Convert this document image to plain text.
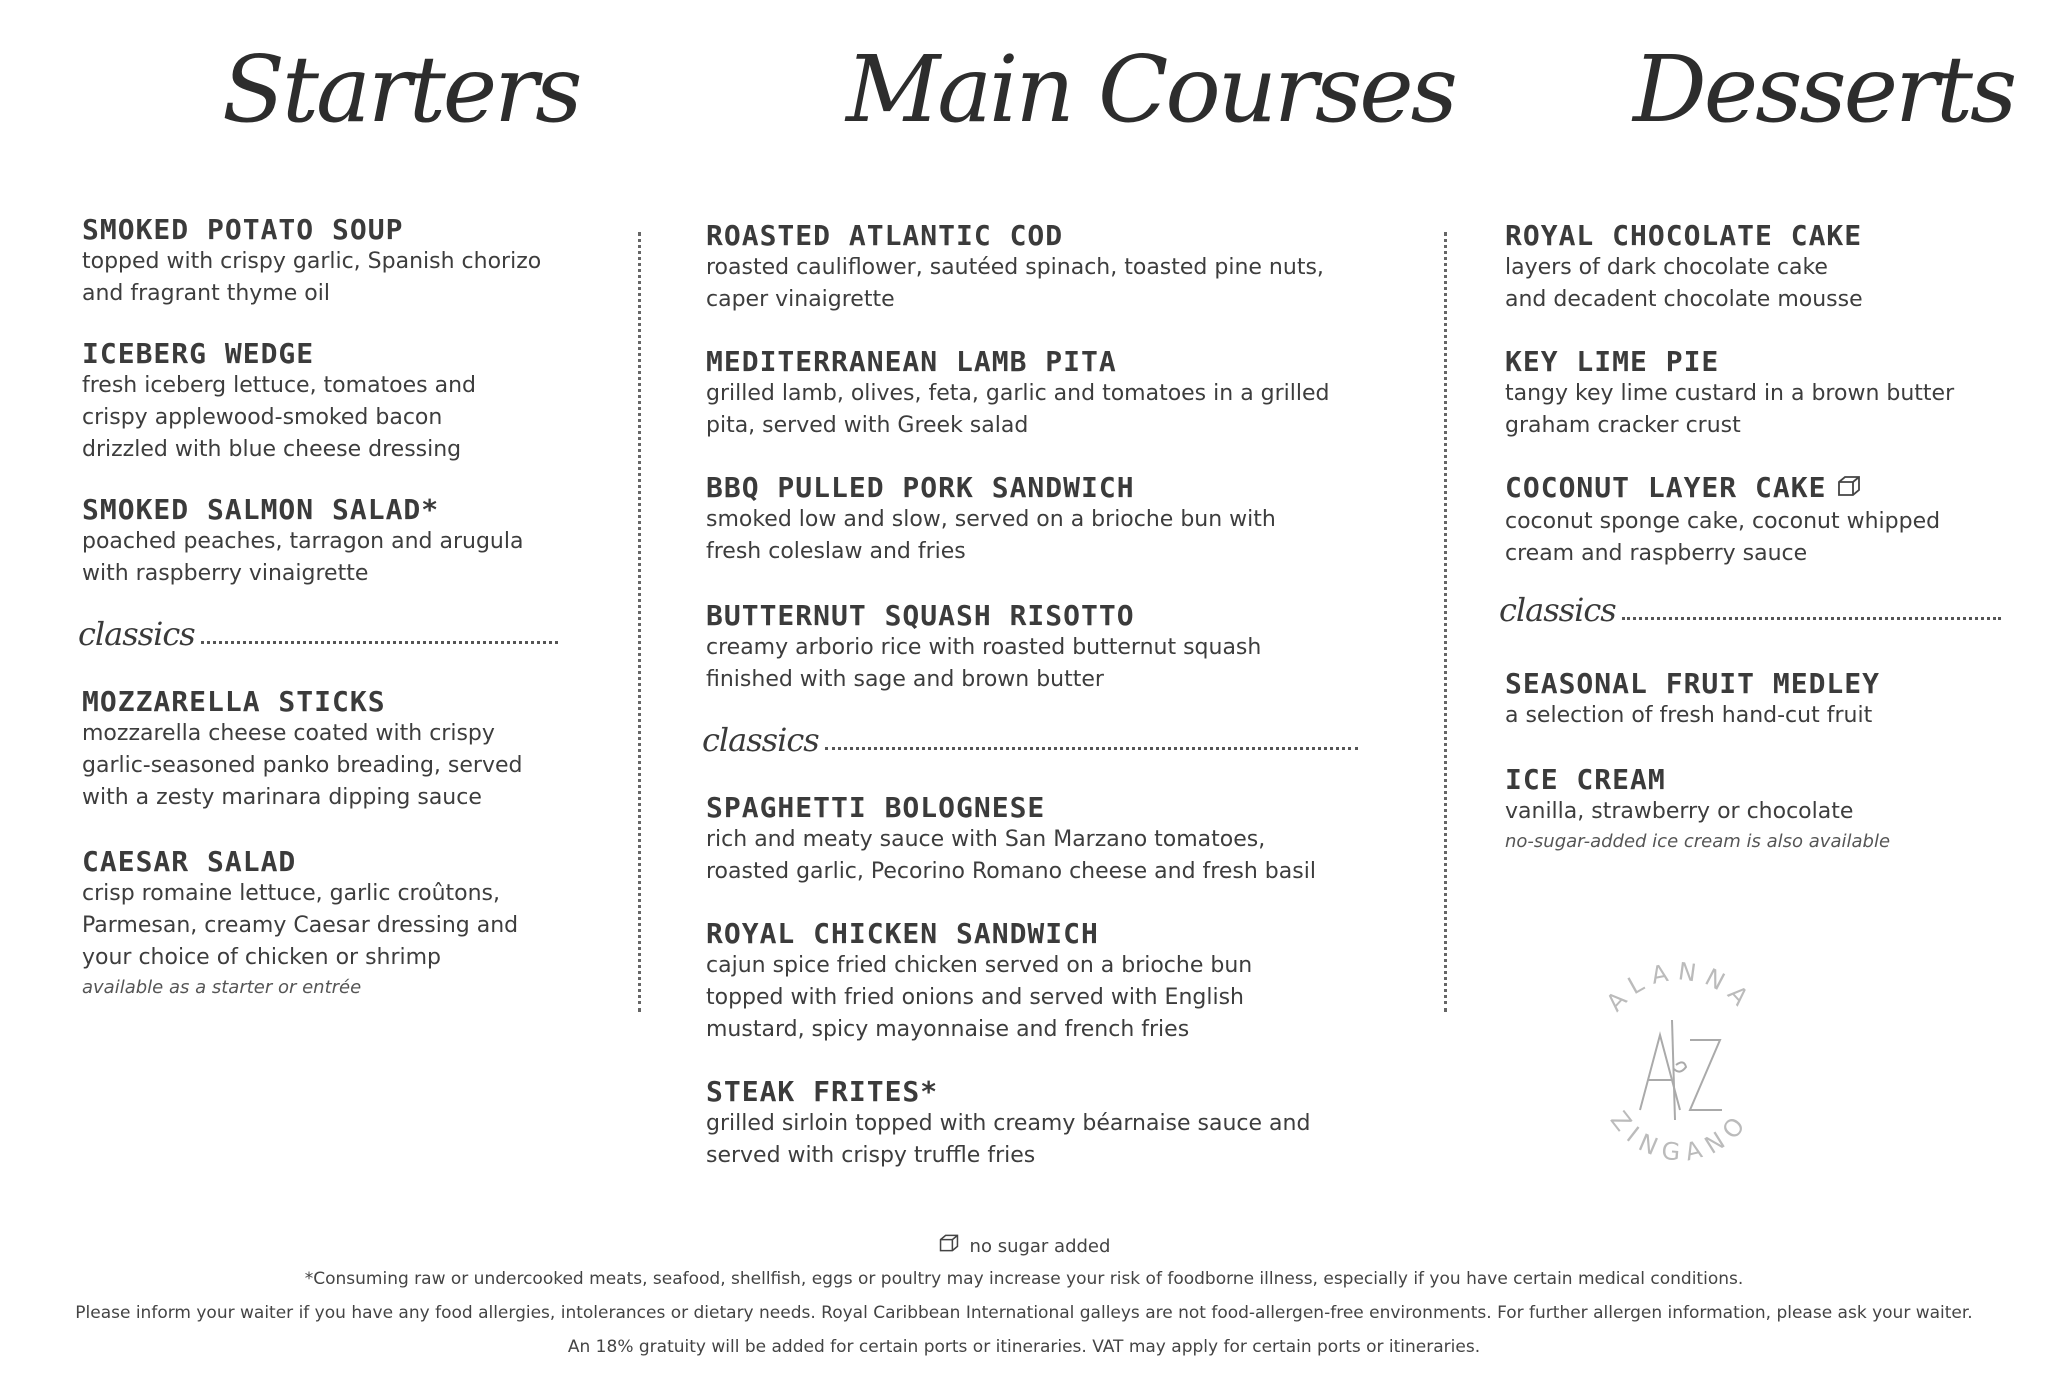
Starters
SMOKED POTATO SOUP
topped with crispy garlic, Spanish chorizo
and fragrant thyme oil
ICEBERG WEDGE
fresh iceberg lettuce, tomatoes and
crispy applewood-smoked bacon
drizzled with blue cheese dressing
SMOKED SALMON SALAD*
poached peaches, tarragon and arugula
with raspberry vinaigrette
classics
MOZZARELLA STICKS
mozzarella cheese coated with crispy
garlic-seasoned panko breading, served
with a zesty marinara dipping sauce
CAESAR SALAD
crisp romaine lettuce, garlic croûtons,
Parmesan, creamy Caesar dressing and
your choice of chicken or shrimp
available as a starter or entrée
Main Courses
ROASTED ATLANTIC COD
roasted cauliflower, sautéed spinach, toasted pine nuts,
caper vinaigrette
MEDITERRANEAN LAMB PITA
grilled lamb, olives, feta, garlic and tomatoes in a grilled
pita, served with Greek salad
BBQ PULLED PORK SANDWICH
smoked low and slow, served on a brioche bun with
fresh coleslaw and fries
BUTTERNUT SQUASH RISOTTO
creamy arborio rice with roasted butternut squash
finished with sage and brown butter
classics
SPAGHETTI BOLOGNESE
rich and meaty sauce with San Marzano tomatoes,
roasted garlic, Pecorino Romano cheese and fresh basil
ROYAL CHICKEN SANDWICH
cajun spice fried chicken served on a brioche bun
topped with fried onions and served with English
mustard, spicy mayonnaise and french fries
STEAK FRITES*
grilled sirloin topped with creamy béarnaise sauce and
served with crispy truffle fries
Desserts
ROYAL CHOCOLATE CAKE
layers of dark chocolate cake
and decadent chocolate mousse
KEY LIME PIE
tangy key lime custard in a brown butter
graham cracker crust
COCONUT LAYER CAKE
coconut sponge cake, coconut whipped
cream and raspberry sauce
classics
SEASONAL FRUIT MEDLEY
a selection of fresh hand-cut fruit
ICE CREAM
vanilla, strawberry or chocolate
no-sugar-added ice cream is also available
ALANNA
ZINGANO
no sugar added
*Consuming raw or undercooked meats, seafood, shellfish, eggs or poultry may increase your risk of foodborne illness, especially if you have certain medical conditions.
Please inform your waiter if you have any food allergies, intolerances or dietary needs. Royal Caribbean International galleys are not food-allergen-free environments. For further allergen information, please ask your waiter.
An 18% gratuity will be added for certain ports or itineraries. VAT may apply for certain ports or itineraries.
